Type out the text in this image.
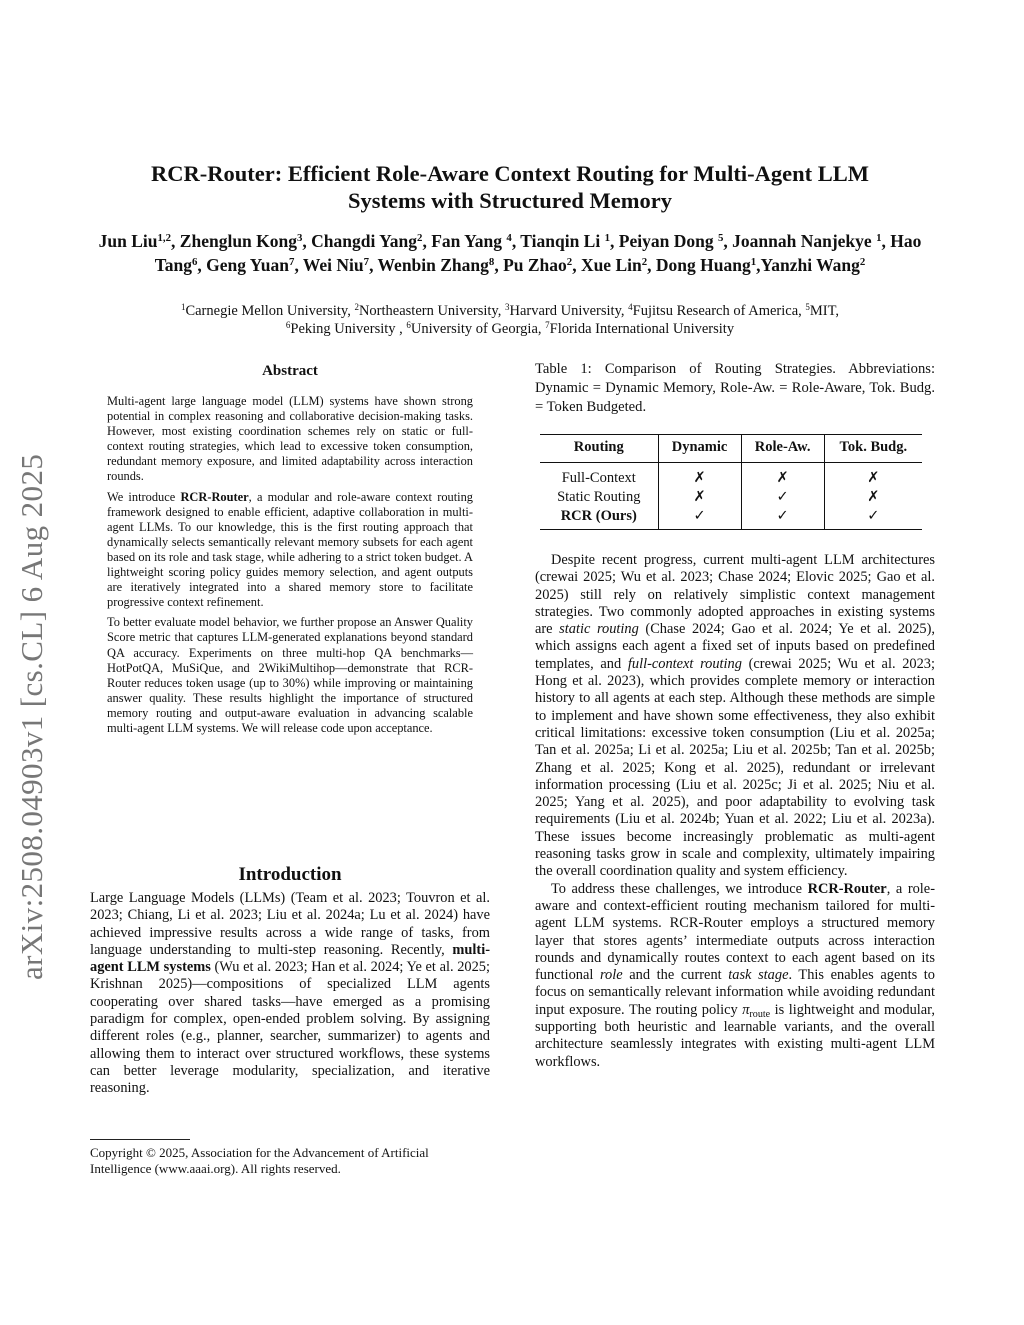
arXiv:2508.04903v1 [cs.CL] 6 Aug 2025
RCR-Router: Efficient Role-Aware Context Routing for Multi-Agent LLM
Systems with Structured Memory
Jun Liu$^{1,2}$, Zhenglun Kong$^3$, Changdi Yang$^2$, Fan Yang $^4$, Tianqin Li $^1$, Peiyan Dong $^5$, Joannah Nanjekye $^1$, Hao Tang$^6$, Geng Yuan$^7$, Wei Niu$^7$, Wenbin Zhang$^8$, Pu Zhao$^2$, Xue Lin$^2$, Dong Huang$^1$,Yanzhi Wang$^2$
$^1$Carnegie Mellon University, $^2$Northeastern University, $^3$Harvard University, $^4$Fujitsu Research of America, $^5$MIT,
$^6$Peking University , $^6$University of Georgia, $^7$Florida International University
Abstract

Multi-agent large language model (LLM) systems have shown strong potential in complex reasoning and collaborative decision-making tasks. However, most existing coordination schemes rely on static or full-context routing strategies, which lead to excessive token consumption, redundant memory exposure, and limited adaptability across interaction rounds.

We introduce RCR-Router, a modular and role-aware context routing framework designed to enable efficient, adaptive collaboration in multi-agent LLMs. To our knowledge, this is the first routing approach that dynamically selects semantically relevant memory subsets for each agent based on its role and task stage, while adhering to a strict token budget. A lightweight scoring policy guides memory selection, and agent outputs are iteratively integrated into a shared memory store to facilitate progressive context refinement.

To better evaluate model behavior, we further propose an Answer Quality Score metric that captures LLM-generated explanations beyond standard QA accuracy. Experiments on three multi-hop QA benchmarks—HotPotQA, MuSiQue, and 2WikiMultihop—demonstrate that RCR-Router reduces token usage (up to 30%) while improving or maintaining answer quality. These results highlight the importance of structured memory routing and output-aware evaluation in advancing scalable multi-agent LLM systems. We will release code upon acceptance.

Introduction

Large Language Models (LLMs) (Team et al. 2023; Touvron et al. 2023; Chiang, Li et al. 2023; Liu et al. 2024a; Lu et al. 2024) have achieved impressive results across a wide range of tasks, from language understanding to multi-step reasoning. Recently, multi-agent LLM systems (Wu et al. 2023; Han et al. 2024; Ye et al. 2025; Krishnan 2025)—compositions of specialized LLM agents cooperating over shared tasks—have emerged as a promising paradigm for complex, open-ended problem solving. By assigning different roles (e.g., planner, searcher, summarizer) to agents and allowing them to interact over structured workflows, these systems can better leverage modularity, specialization, and iterative reasoning.

Copyright © 2025, Association for the Advancement of Artificial Intelligence (www.aaai.org). All rights reserved.
Table 1: Comparison of Routing Strategies. Abbreviations: Dynamic = Dynamic Memory, Role-Aw. = Role-Aware, Tok. Budg. = Token Budgeted.
Routing	Dynamic	Role-Aw.	Tok. Budg.
Full-Context	✗	✗	✗
Static Routing	✗	✓	✗
RCR (Ours)	✓	✓	✓

Despite recent progress, current multi-agent LLM architectures (crewai 2025; Wu et al. 2023; Chase 2024; Elovic 2025; Gao et al. 2025) still rely on relatively simplistic context management strategies. Two commonly adopted approaches in existing systems are static routing (Chase 2024; Gao et al. 2024; Ye et al. 2025), which assigns each agent a fixed set of inputs based on predefined templates, and full-context routing (crewai 2025; Wu et al. 2023; Hong et al. 2023), which provides complete memory or interaction history to all agents at each step. Although these methods are simple to implement and have shown some effectiveness, they also exhibit critical limitations: excessive token consumption (Liu et al. 2025a; Tan et al. 2025a; Li et al. 2025a; Liu et al. 2025b; Tan et al. 2025b; Zhang et al. 2025; Kong et al. 2025), redundant or irrelevant information processing (Liu et al. 2025c; Ji et al. 2025; Niu et al. 2025; Yang et al. 2025), and poor adaptability to evolving task requirements (Liu et al. 2024b; Yuan et al. 2022; Liu et al. 2023a). These issues become increasingly problematic as multi-agent reasoning tasks grow in scale and complexity, ultimately impairing the overall coordination quality and system efficiency.

To address these challenges, we introduce RCR-Router, a role-aware and context-efficient routing mechanism tailored for multi-agent LLM systems. RCR-Router employs a structured memory layer that stores agents’ intermediate outputs across interaction rounds and dynamically routes context to each agent based on its functional role and the current task stage. This enables agents to focus on semantically relevant information while avoiding redundant input exposure. The routing policy $\pi_{route}$ is lightweight and modular, supporting both heuristic and learnable variants, and the overall architecture seamlessly integrates with existing multi-agent LLM workflows.
